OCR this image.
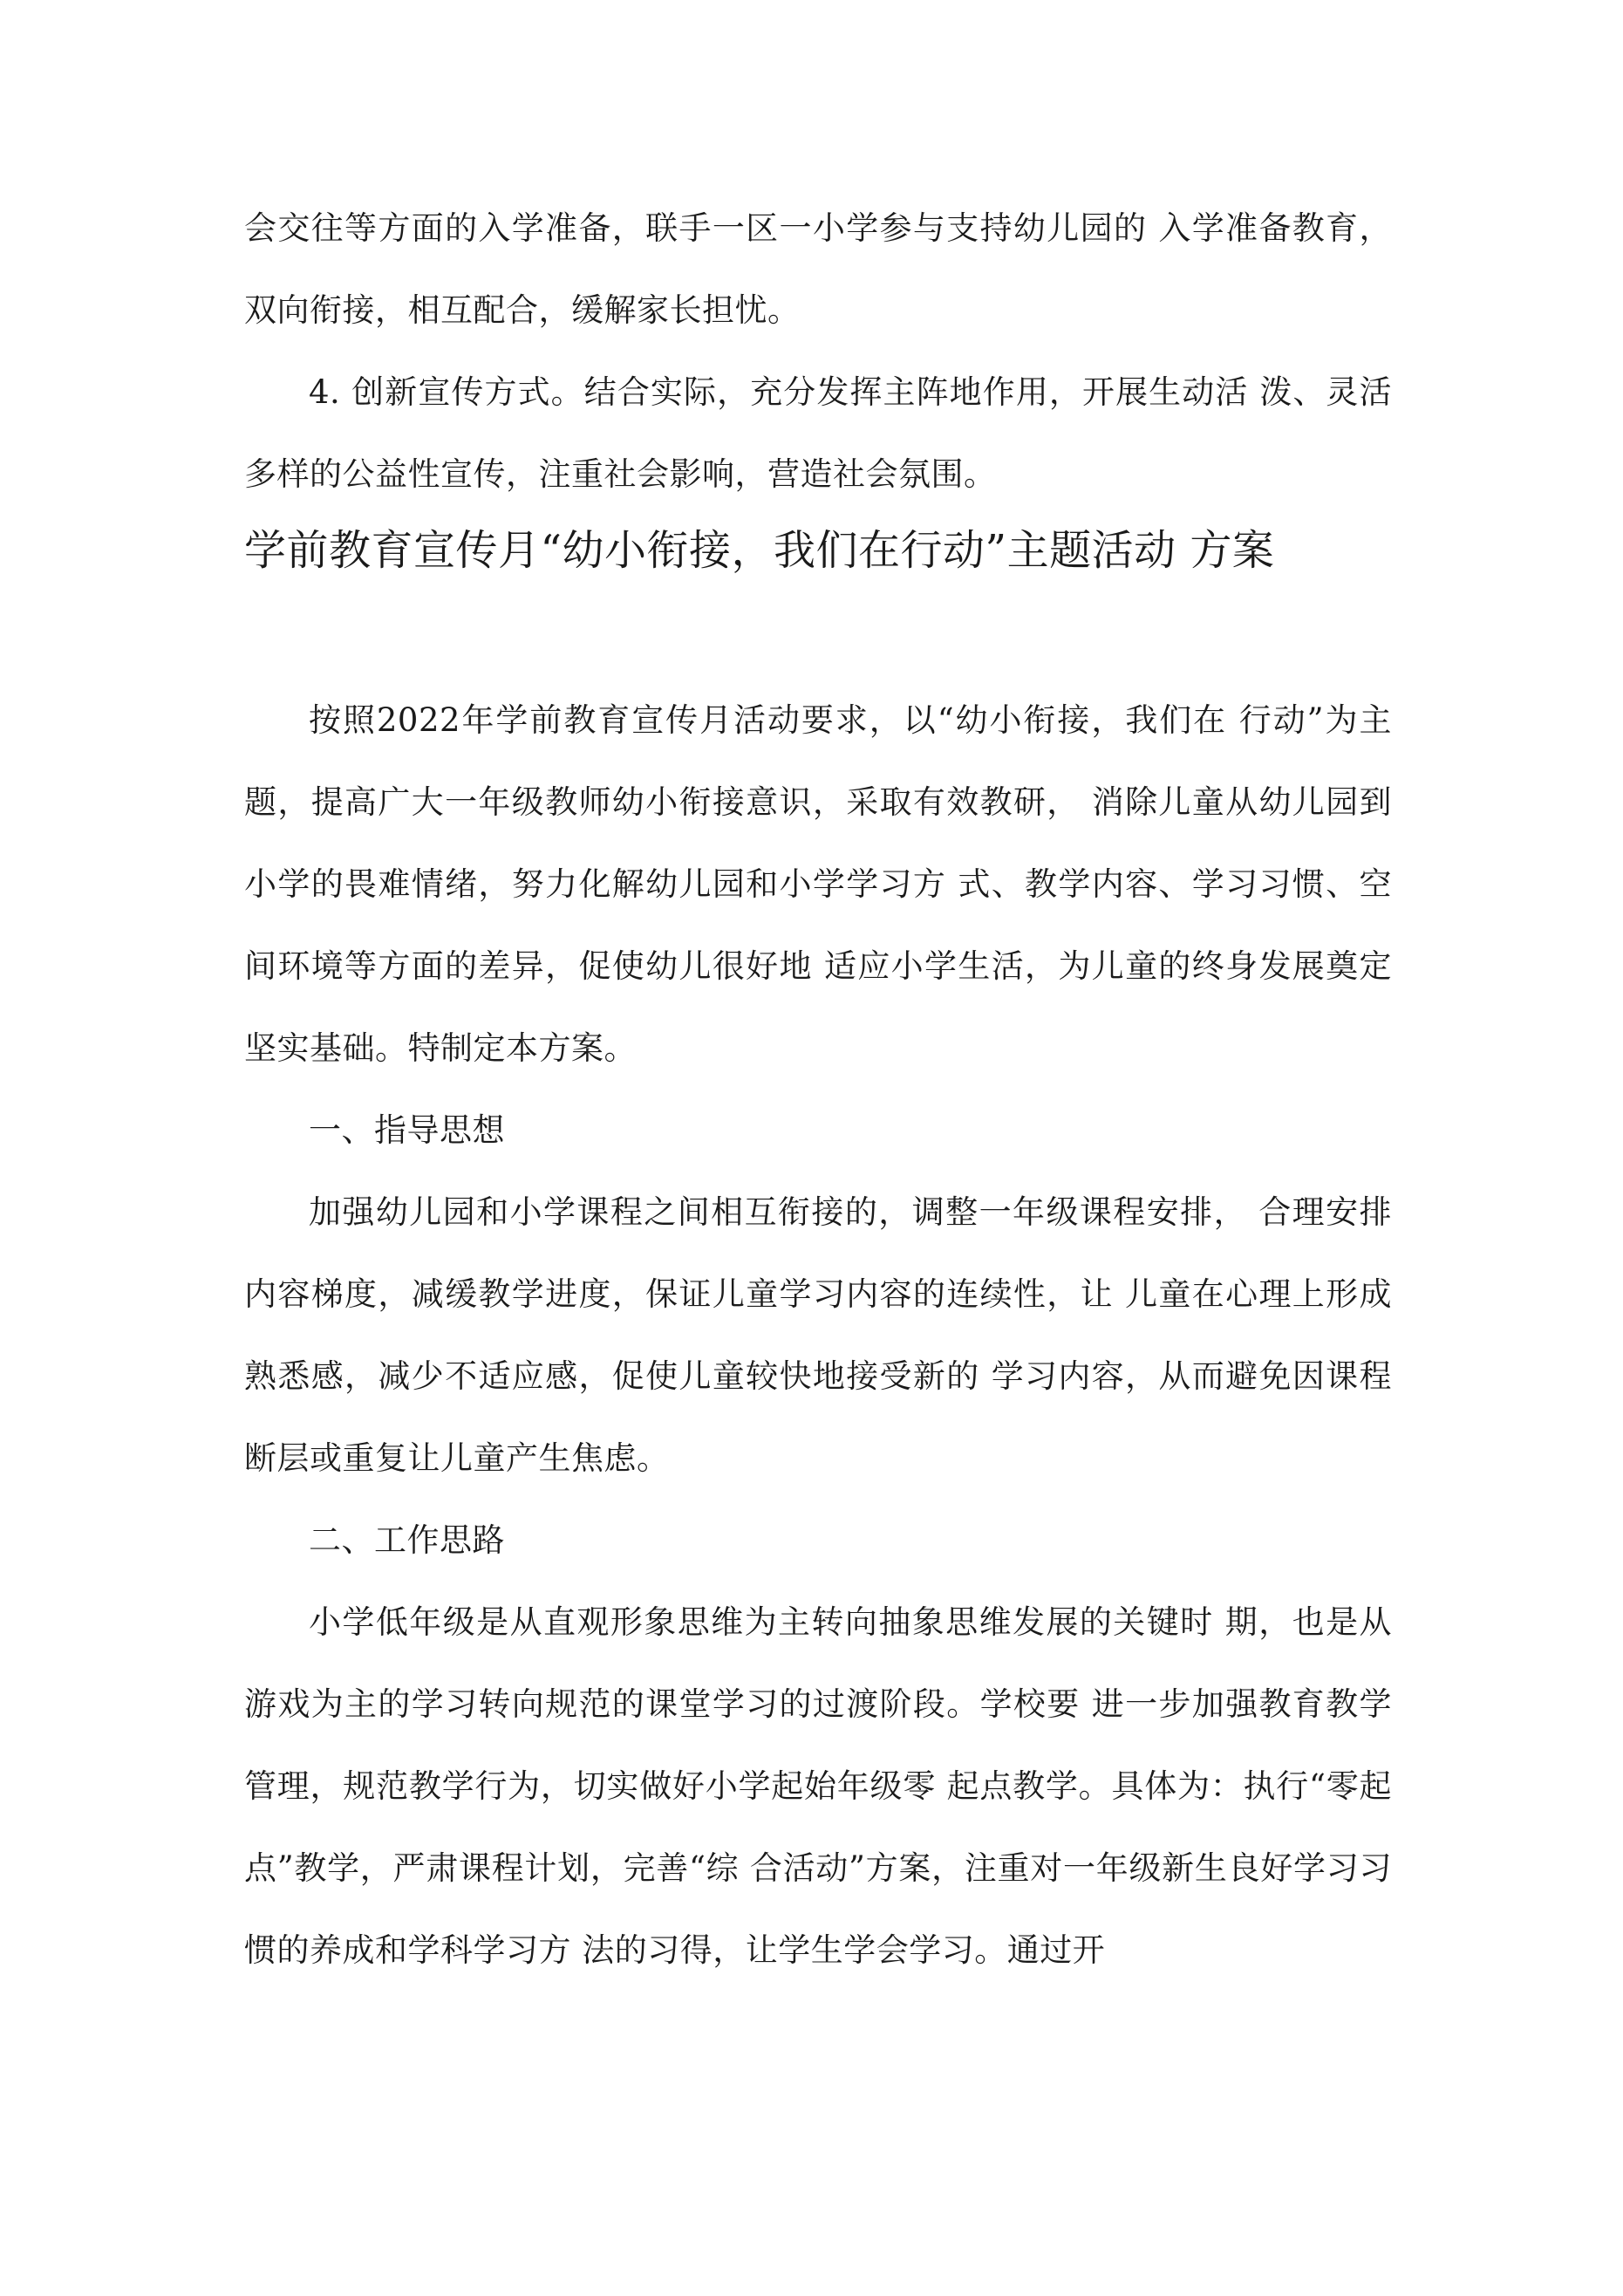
会交往等方面的入学准备，联手一区一小学参与支持幼儿园的 入学准备教育，双向衔接，相互配合，缓解家长担忧。

4. 创新宣传方式。结合实际，充分发挥主阵地作用，开展生动活 泼、灵活多样的公益性宣传，注重社会影响，营造社会氛围。

学前教育宣传月“幼小衔接，我们在行动”主题活动 方案

按照2022年学前教育宣传月活动要求，以“幼小衔接，我们在 行动”为主题，提高广大一年级教师幼小衔接意识，采取有效教研， 消除儿童从幼儿园到小学的畏难情绪，努力化解幼儿园和小学学习方 式、教学内容、学习习惯、空间环境等方面的差异，促使幼儿很好地 适应小学生活，为儿童的终身发展奠定坚实基础。特制定本方案。

一、指导思想

加强幼儿园和小学课程之间相互衔接的，调整一年级课程安排， 合理安排内容梯度，减缓教学进度，保证儿童学习内容的连续性，让 儿童在心理上形成熟悉感，减少不适应感，促使儿童较快地接受新的 学习内容，从而避免因课程断层或重复让儿童产生焦虑。

二、工作思路

小学低年级是从直观形象思维为主转向抽象思维发展的关键时 期，也是从游戏为主的学习转向规范的课堂学习的过渡阶段。学校要 进一步加强教育教学管理，规范教学行为，切实做好小学起始年级零 起点教学。具体为：执行“零起点”教学，严肃课程计划，完善“综 合活动”方案，注重对一年级新生良好学习习惯的养成和学科学习方 法的习得，让学生学会学习。通过开
